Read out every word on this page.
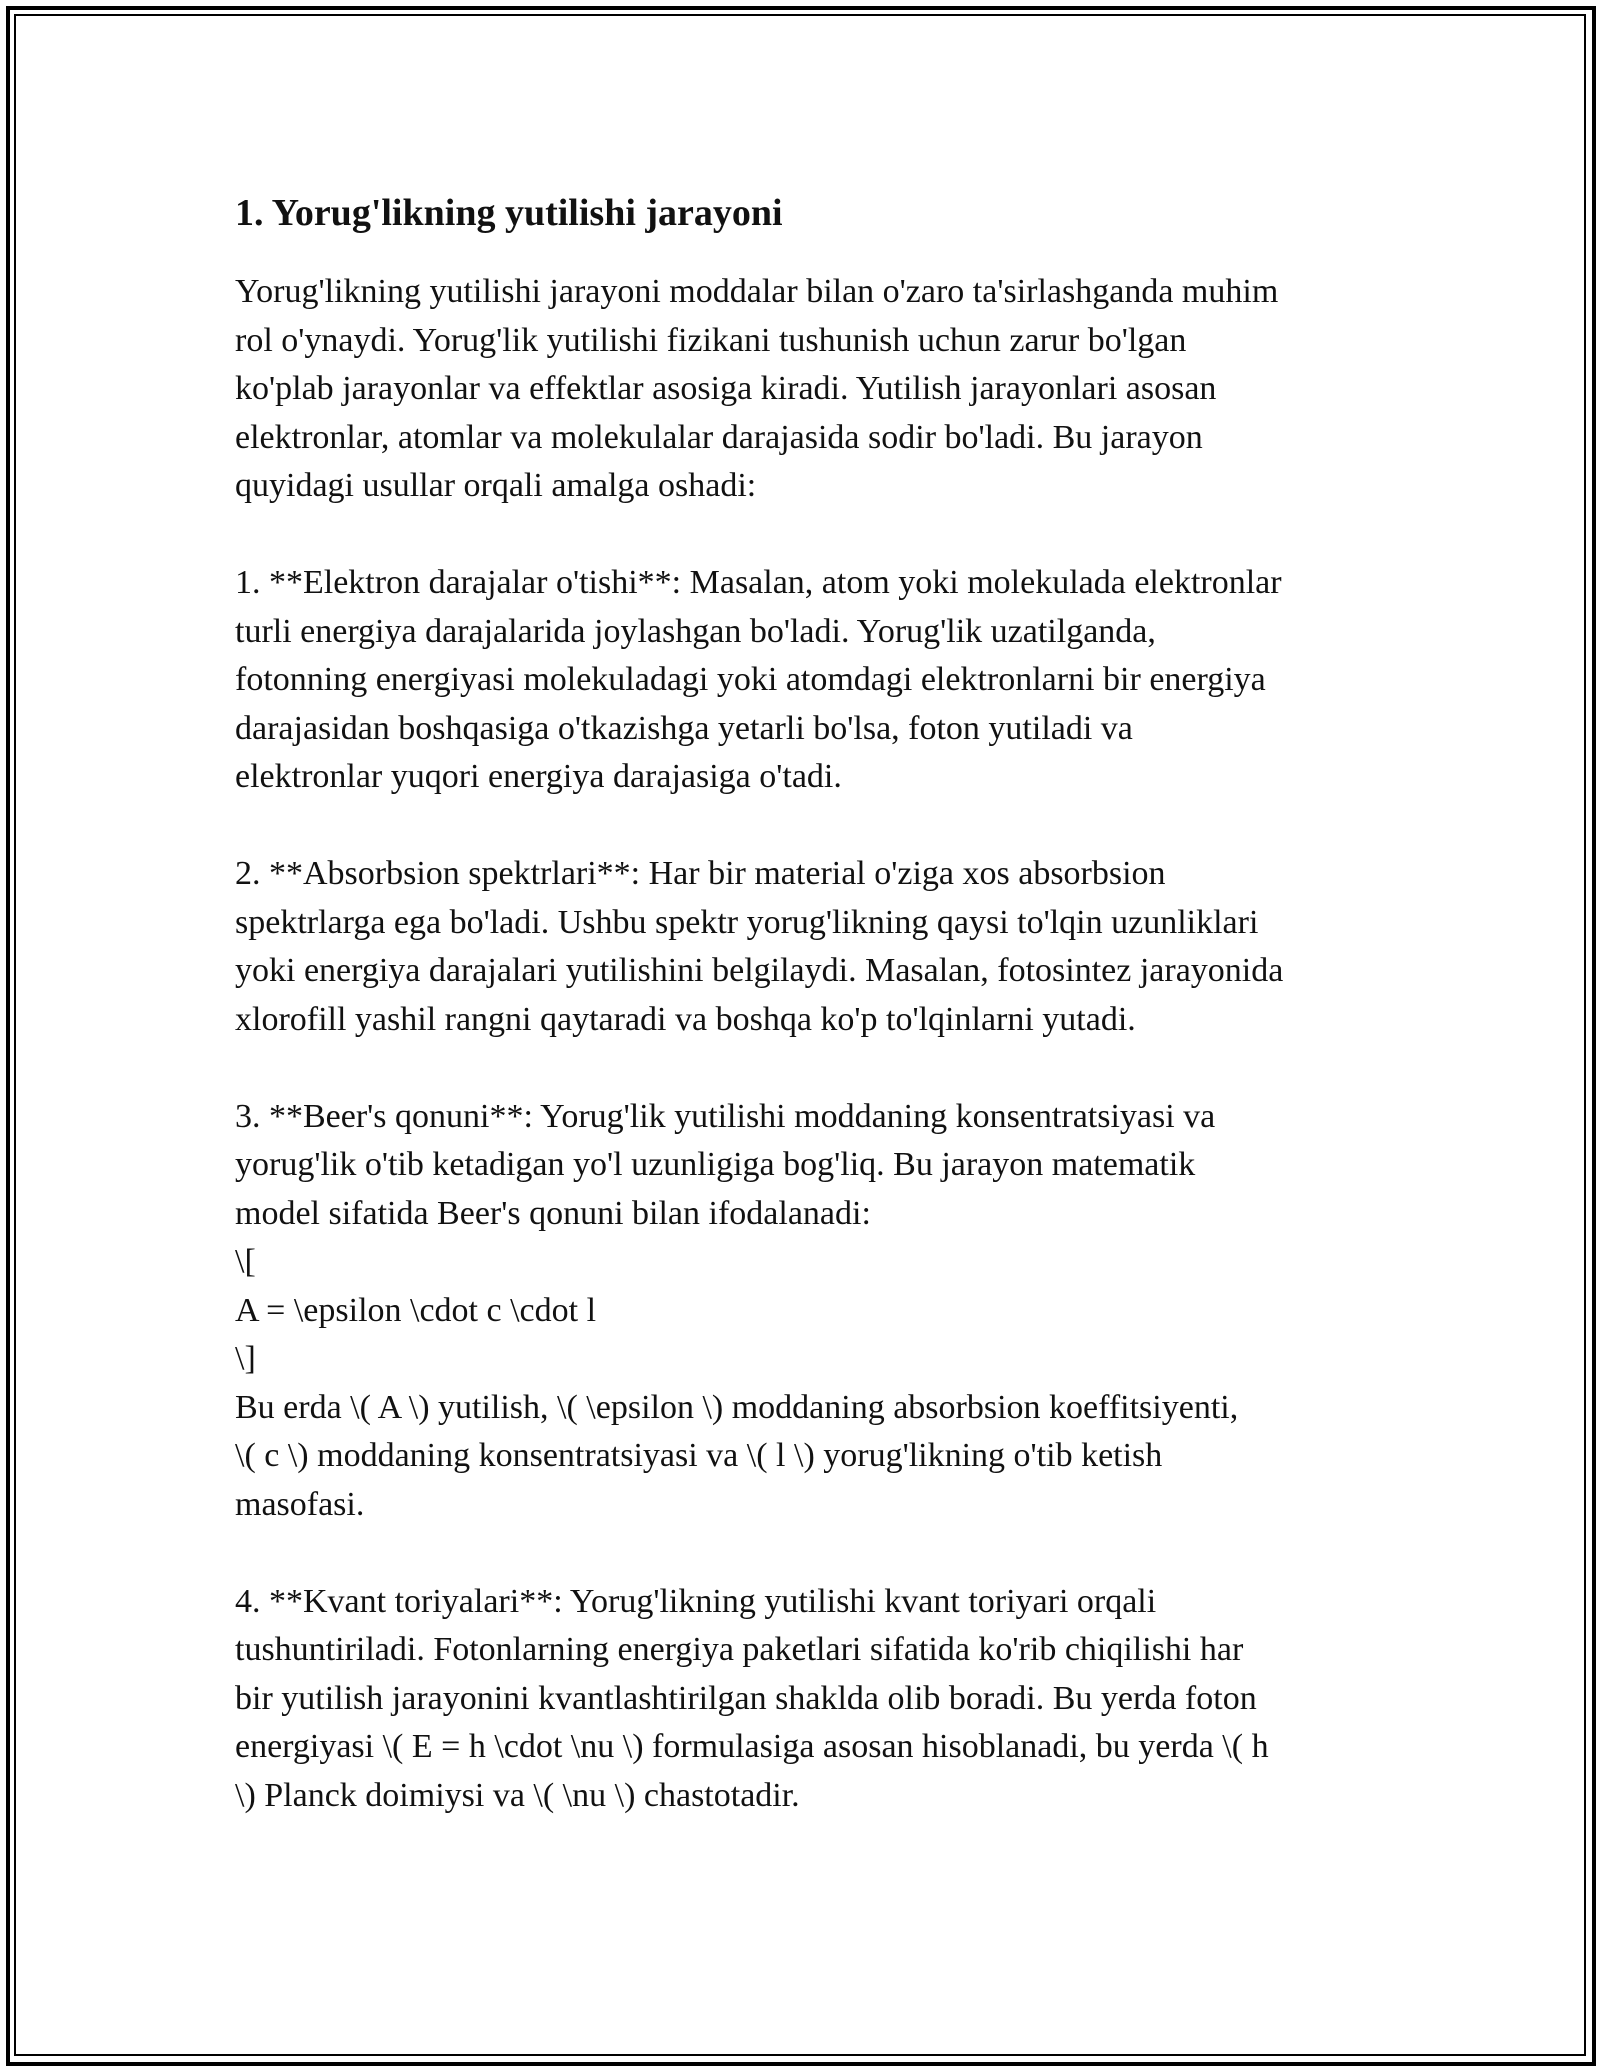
1. Yorug'likning yutilishi jarayoni

Yorug'likning yutilishi jarayoni moddalar bilan o'zaro ta'sirlashganda muhim
rol o'ynaydi. Yorug'lik yutilishi fizikani tushunish uchun zarur bo'lgan
ko'plab jarayonlar va effektlar asosiga kiradi. Yutilish jarayonlari asosan
elektronlar, atomlar va molekulalar darajasida sodir bo'ladi. Bu jarayon
quyidagi usullar orqali amalga oshadi:

1. **Elektron darajalar o'tishi**: Masalan, atom yoki molekulada elektronlar
turli energiya darajalarida joylashgan bo'ladi. Yorug'lik uzatilganda,
fotonning energiyasi molekuladagi yoki atomdagi elektronlarni bir energiya
darajasidan boshqasiga o'tkazishga yetarli bo'lsa, foton yutiladi va
elektronlar yuqori energiya darajasiga o'tadi.

2. **Absorbsion spektrlari**: Har bir material o'ziga xos absorbsion
spektrlarga ega bo'ladi. Ushbu spektr yorug'likning qaysi to'lqin uzunliklari
yoki energiya darajalari yutilishini belgilaydi. Masalan, fotosintez jarayonida
xlorofill yashil rangni qaytaradi va boshqa ko'p to'lqinlarni yutadi.

3. **Beer's qonuni**: Yorug'lik yutilishi moddaning konsentratsiyasi va
yorug'lik o'tib ketadigan yo'l uzunligiga bog'liq. Bu jarayon matematik
model sifatida Beer's qonuni bilan ifodalanadi:
\[
A = \epsilon \cdot c \cdot l
\]
Bu erda \( A \) yutilish, \( \epsilon \) moddaning absorbsion koeffitsiyenti,
\( c \) moddaning konsentratsiyasi va \( l \) yorug'likning o'tib ketish
masofasi.

4. **Kvant toriyalari**: Yorug'likning yutilishi kvant toriyari orqali
tushuntiriladi. Fotonlarning energiya paketlari sifatida ko'rib chiqilishi har
bir yutilish jarayonini kvantlashtirilgan shaklda olib boradi. Bu yerda foton
energiyasi \( E = h \cdot \nu \) formulasiga asosan hisoblanadi, bu yerda \( h
\) Planck doimiysi va \( \nu \) chastotadir.
